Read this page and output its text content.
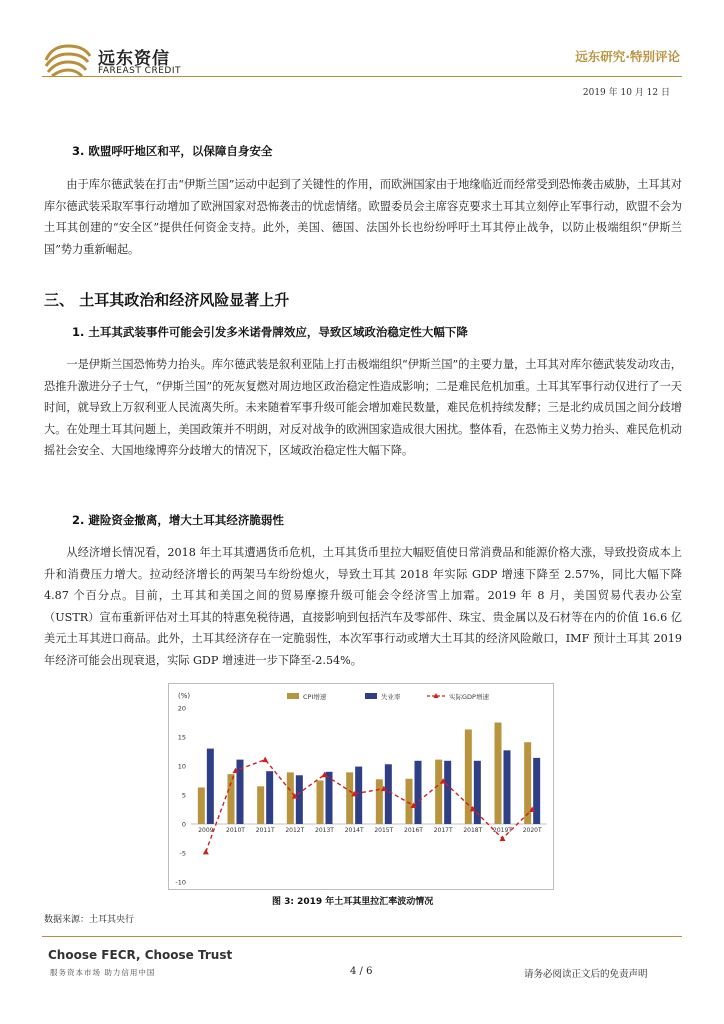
远东资信
FAREAST CREDIT
远东研究·特别评论
2019 年 10 月 12 日
3. 欧盟呼吁地区和平，以保障自身安全
由于库尔德武装在打击“伊斯兰国”运动中起到了关键性的作用，而欧洲国家由于地缘临近而经常受到恐怖袭击威胁，土耳其对库尔德武装采取军事行动增加了欧洲国家对恐怖袭击的忧虑情绪。欧盟委员会主席容克要求土耳其立刻停止军事行动，欧盟不会为土耳其创建的“安全区”提供任何资金支持。此外，美国、德国、法国外长也纷纷呼吁土耳其停止战争，以防止极端组织“伊斯兰国”势力重新崛起。
三、 土耳其政治和经济风险显著上升
1. 土耳其武装事件可能会引发多米诺骨牌效应，导致区域政治稳定性大幅下降
一是伊斯兰国恐怖势力抬头。库尔德武装是叙利亚陆上打击极端组织“伊斯兰国”的主要力量，土耳其对库尔德武装发动攻击，恐推升激进分子士气，“伊斯兰国”的死灰复燃对周边地区政治稳定性造成影响；二是难民危机加重。土耳其军事行动仅进行了一天时间，就导致上万叙利亚人民流离失所。未来随着军事升级可能会增加难民数量，难民危机持续发酵；三是北约成员国之间分歧增大。在处理土耳其问题上，美国政策并不明朗，对反对战争的欧洲国家造成很大困扰。整体看，在恐怖主义势力抬头、难民危机动摇社会安全、大国地缘博弈分歧增大的情况下，区域政治稳定性大幅下降。
2. 避险资金撤离，增大土耳其经济脆弱性
从经济增长情况看，2018 年土耳其遭遇货币危机，土耳其货币里拉大幅贬值使日常消费品和能源价格大涨，导致投资成本上升和消费压力增大。拉动经济增长的两架马车纷纷熄火，导致土耳其 2018 年实际 GDP 增速下降至 2.57%，同比大幅下降 4.87 个百分点。目前，土耳其和美国之间的贸易摩擦升级可能会令经济雪上加霜。2019 年 8 月，美国贸易代表办公室（USTR）宣布重新评估对土耳其的特惠免税待遇，直接影响到包括汽车及零部件、珠宝、贵金属以及石材等在内的价值 16.6 亿美元土耳其进口商品。此外，土耳其经济存在一定脆弱性，本次军事行动或增大土耳其的经济风险敞口，IMF 预计土耳其 2019 年经济可能会出现衰退，实际 GDP 增速进一步下降至-2.54%。
(%)
2009 2010T 2011T 2012T 2013T 2014T 2015T 2016T 2017T 2018T 2019T 2020T
20
15
10
5
0
-5
-10
CPI增速	失业率	实际GDP增速
图 3: 2019 年土耳其里拉汇率波动情况
数据来源：土耳其央行
Choose FECR, Choose Trust
服务资本市场 助力信用中国	4 / 6	请务必阅读正文后的免责声明
